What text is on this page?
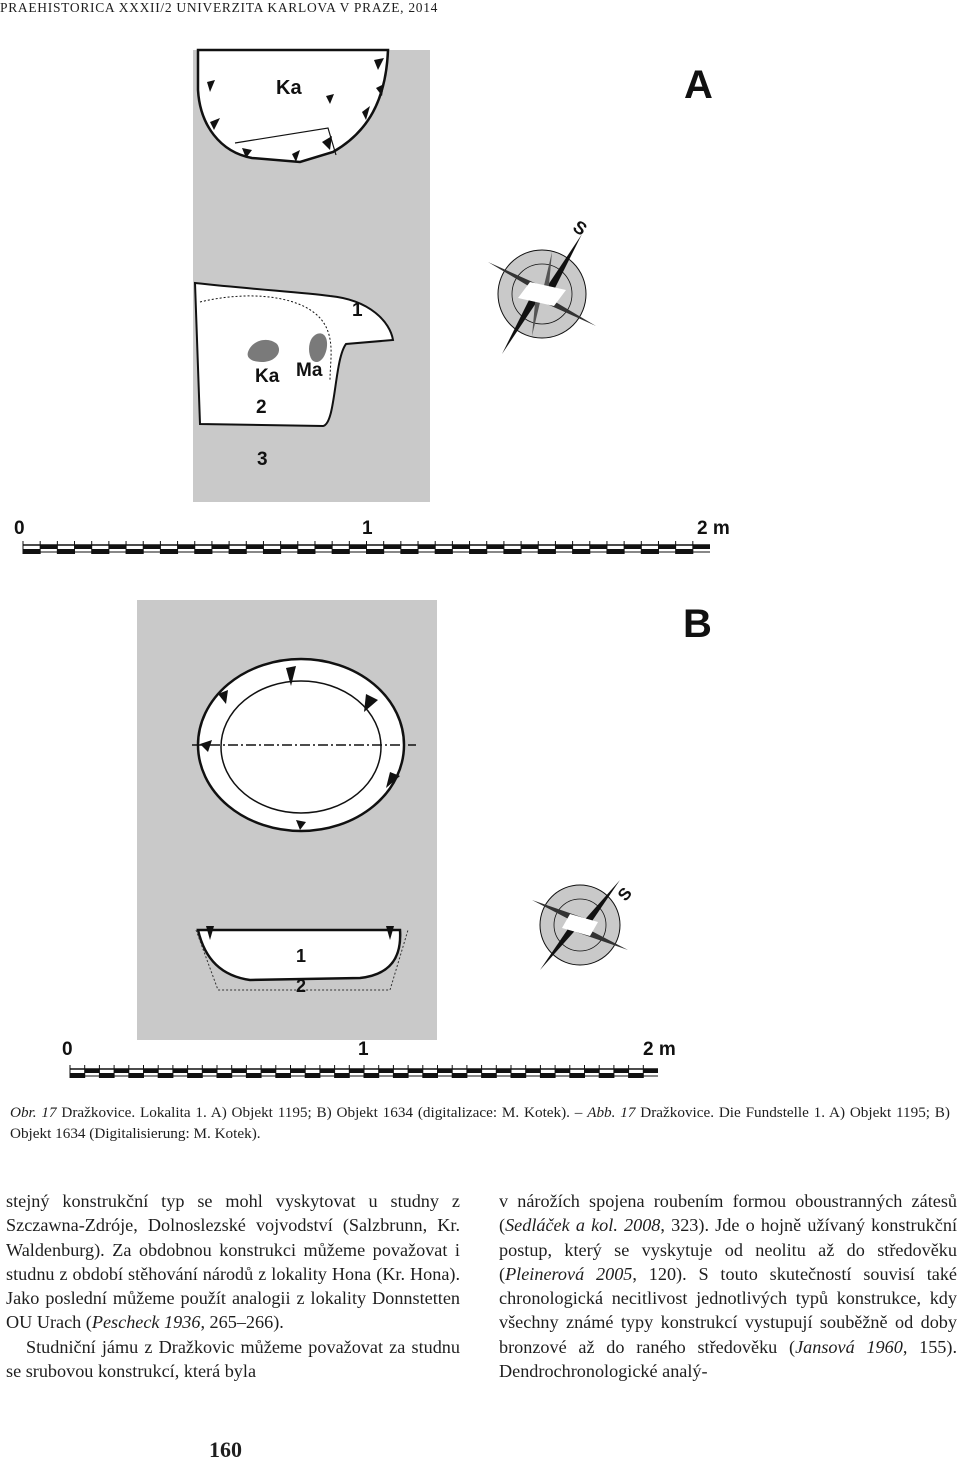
PRAEHISTORICA XXXII/2 UNIVERZITA KARLOVA V PRAZE, 2014
Ka
1
Ka Ma
2
3
A
S
0	1	2 m
B
1
2
S
0	1	2 m
Obr. 17 Dražkovice. Lokalita 1. A) Objekt 1195; B) Objekt 1634 (digitalizace: M. Kotek). – Abb. 17 Dražkovice. Die Fundstelle 1. A) Objekt 1195; B) Objekt 1634 (Digitalisierung: M. Kotek).

stejný konstrukční typ se mohl vyskytovat u studny z Szczawna-Zdróje, Dolnoslezské vojvodství (Salzbrunn, Kr. Waldenburg). Za obdobnou konstrukci můžeme považovat i studnu z období stěhování národů z lokality Hona (Kr. Hona). Jako poslední můžeme použít analogii z lokality Donnstetten OU Urach (Pescheck 1936, 265–266).

Studniční jámu z Dražkovic můžeme považovat za studnu se srubovou konstrukcí, která byla

v nárožích spojena roubením formou oboustranných zátesů (Sedláček a kol. 2008, 323). Jde o hojně užívaný konstrukční postup, který se vyskytuje od neolitu až do středověku (Pleinerová 2005, 120). S touto skutečností souvisí také chronologická necitlivost jednotlivých typů konstrukce, kdy všechny známé typy konstrukcí vystupují souběžně od doby bronzové až do raného středověku (Jansová 1960, 155). Dendrochronologické analý-

160
